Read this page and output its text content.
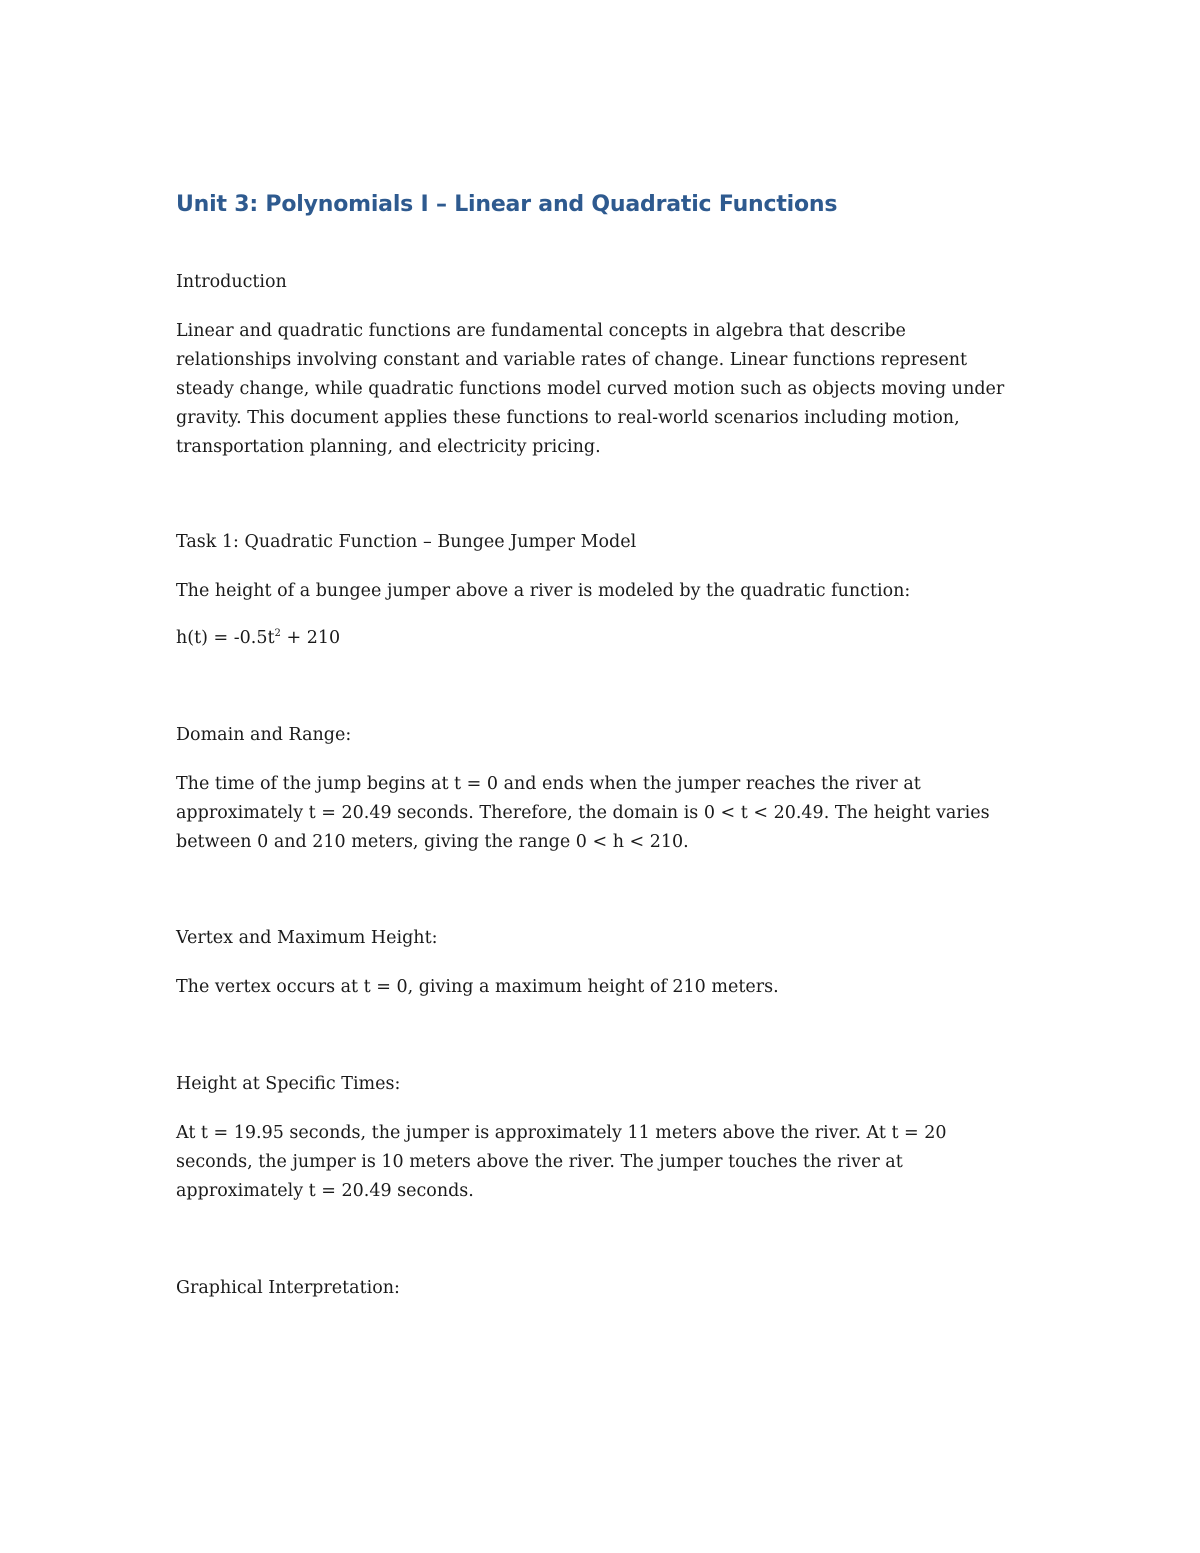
Unit 3: Polynomials I – Linear and Quadratic Functions

Introduction

Linear and quadratic functions are fundamental concepts in algebra that describe relationships involving constant and variable rates of change. Linear functions represent steady change, while quadratic functions model curved motion such as objects moving under gravity. This document applies these functions to real-world scenarios including motion, transportation planning, and electricity pricing.

Task 1: Quadratic Function – Bungee Jumper Model

The height of a bungee jumper above a river is modeled by the quadratic function:

$h(t) = -0.5t^2 + 210$

Domain and Range:

The time of the jump begins at t = 0 and ends when the jumper reaches the river at approximately t = 20.49 seconds. Therefore, the domain is 0 < t < 20.49. The height varies between 0 and 210 meters, giving the range 0 < h < 210.

Vertex and Maximum Height:

The vertex occurs at t = 0, giving a maximum height of 210 meters.

Height at Specific Times:

At t = 19.95 seconds, the jumper is approximately 11 meters above the river. At t = 20 seconds, the jumper is 10 meters above the river. The jumper touches the river at approximately t = 20.49 seconds.

Graphical Interpretation:
